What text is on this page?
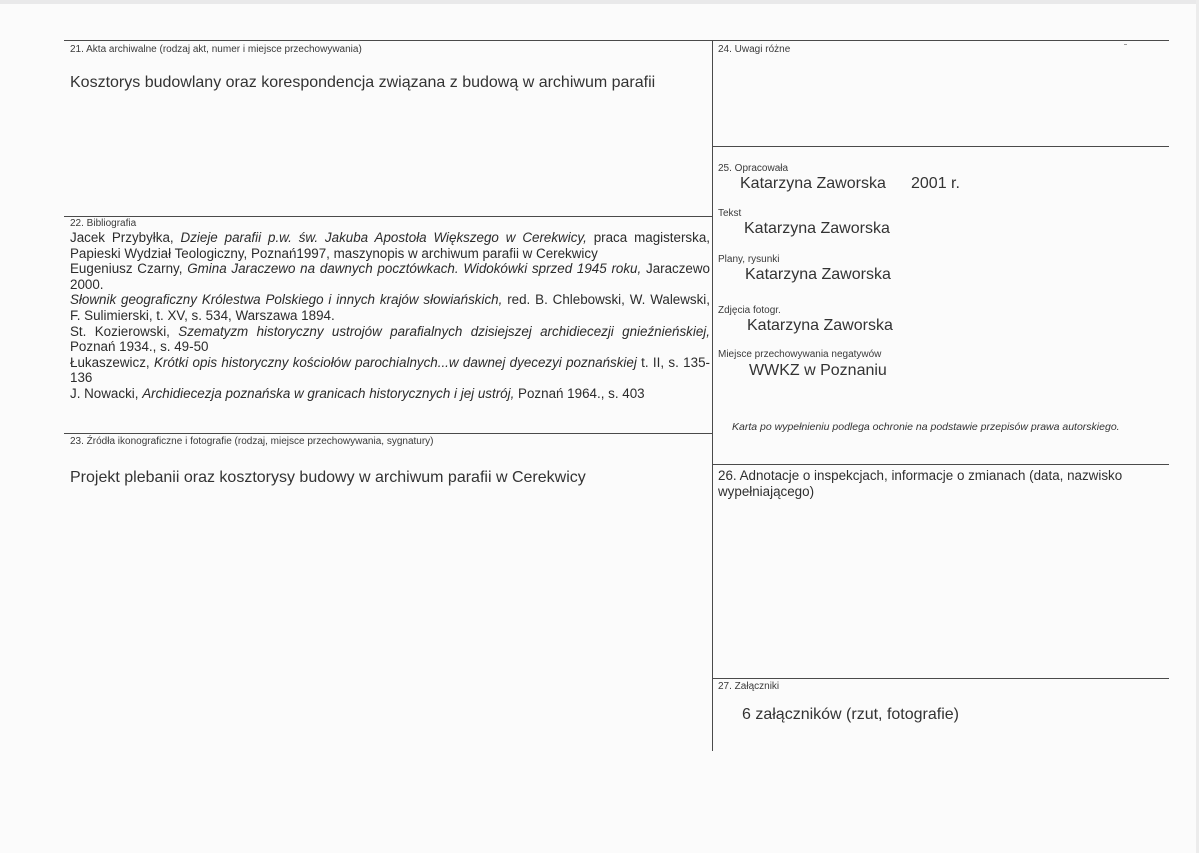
21. Akta archiwalne (rodzaj akt, numer i miejsce przechowywania)
Kosztorys budowlany oraz korespondencja związana z budową w archiwum parafii
22. Bibliografia
Jacek Przybyłka, Dzieje parafii p.w. św. Jakuba Apostoła Większego w Cerekwicy, praca magisterska, Papieski Wydział Teologiczny, Poznań1997, maszynopis w archiwum parafii w Cerekwicy
Eugeniusz Czarny, Gmina Jaraczewo na dawnych pocztówkach. Widokówki sprzed 1945 roku, Jaraczewo 2000.
Słownik geograficzny Królestwa Polskiego i innych krajów słowiańskich, red. B. Chlebowski, W. Walewski, F. Sulimierski, t. XV, s. 534, Warszawa 1894.
St. Kozierowski, Szematyzm historyczny ustrojów parafialnych dzisiejszej archidiecezji gnieźnieńskiej, Poznań 1934., s. 49-50
Łukaszewicz, Krótki opis historyczny kościołów parochialnych...w dawnej dyecezyi poznańskiej t. II, s. 135-136
J. Nowacki, Archidiecezja poznańska w granicach historycznych i jej ustrój, Poznań 1964., s. 403
23. Źródła ikonograficzne i fotografie (rodzaj, miejsce przechowywania, sygnatury)
Projekt plebanii oraz kosztorysy budowy w archiwum parafii w Cerekwicy
24. Uwagi różne
25. Opracowała
Katarzyna Zaworska 2001 r.
Tekst
Katarzyna Zaworska
Plany, rysunki
Katarzyna Zaworska
Zdjęcia fotogr.
Katarzyna Zaworska
Miejsce przechowywania negatywów
WWKZ w Poznaniu
Karta po wypełnieniu podlega ochronie na podstawie przepisów prawa autorskiego.
26. Adnotacje o inspekcjach, informacje o zmianach (data, nazwisko
wypełniającego)
27. Załączniki
6 załączników (rzut, fotografie)
